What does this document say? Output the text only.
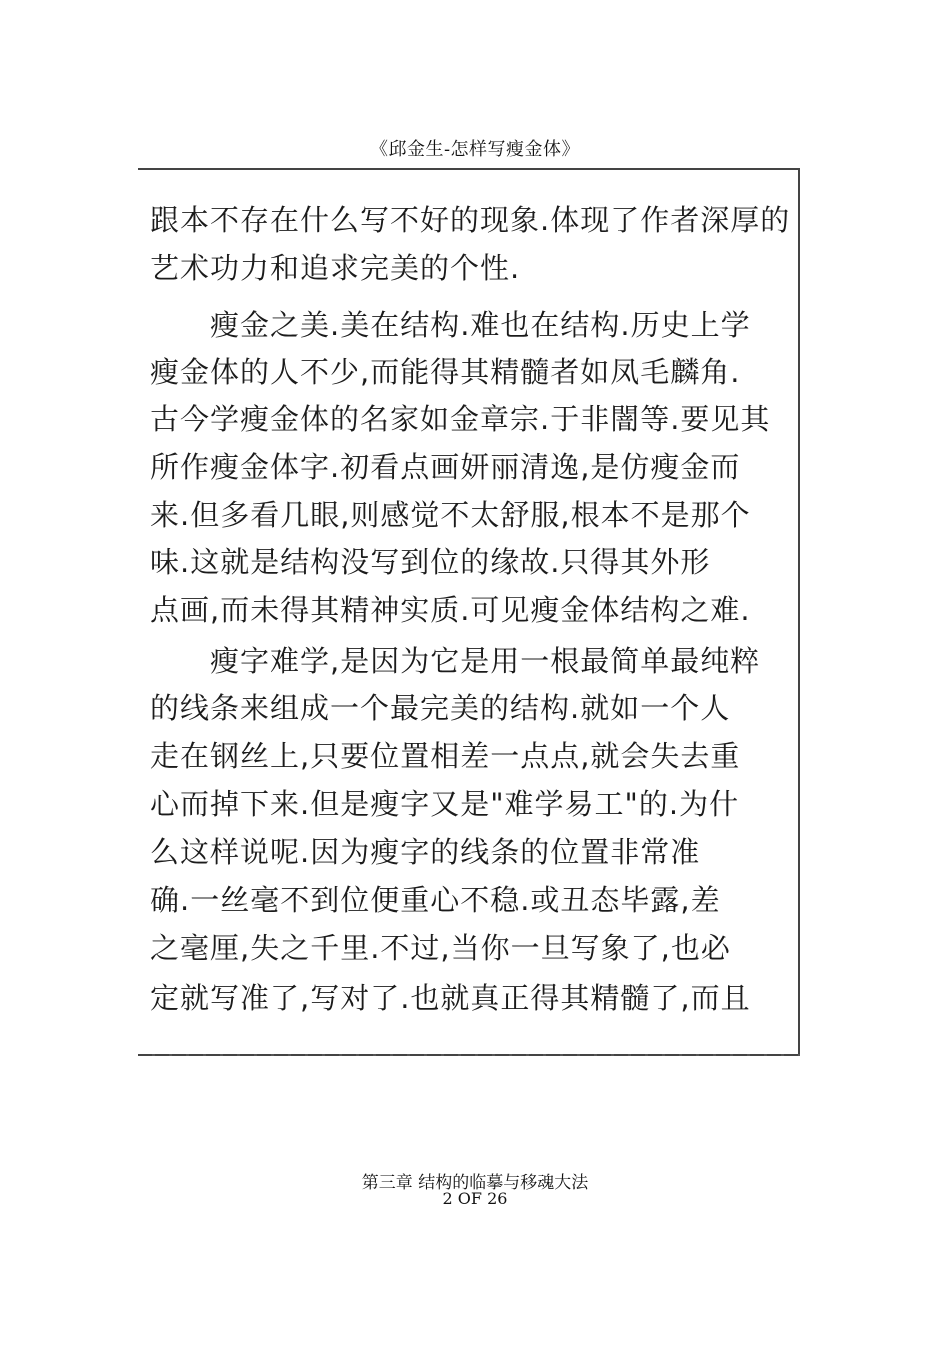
《邱金生-怎样写瘦金体》
跟本不存在什么写不好的现象.体现了作者深厚的
艺术功力和追求完美的个性.
瘦金之美.美在结构.难也在结构.历史上学
瘦金体的人不少,而能得其精髓者如凤毛麟角.
古今学瘦金体的名家如金章宗.于非闇等.要见其
所作瘦金体字.初看点画妍丽清逸,是仿瘦金而
来.但多看几眼,则感觉不太舒服,根本不是那个
味.这就是结构没写到位的缘故.只得其外形
点画,而未得其精神实质.可见瘦金体结构之难.
瘦字难学,是因为它是用一根最简单最纯粹
的线条来组成一个最完美的结构.就如一个人
走在钢丝上,只要位置相差一点点,就会失去重
心而掉下来.但是瘦字又是"难学易工"的.为什
么这样说呢.因为瘦字的线条的位置非常准
确.一丝毫不到位便重心不稳.或丑态毕露,差
之毫厘,失之千里.不过,当你一旦写象了,也必
定就写准了,写对了.也就真正得其精髓了,而且
第三章 结构的临摹与移魂大法
2 OF 26
